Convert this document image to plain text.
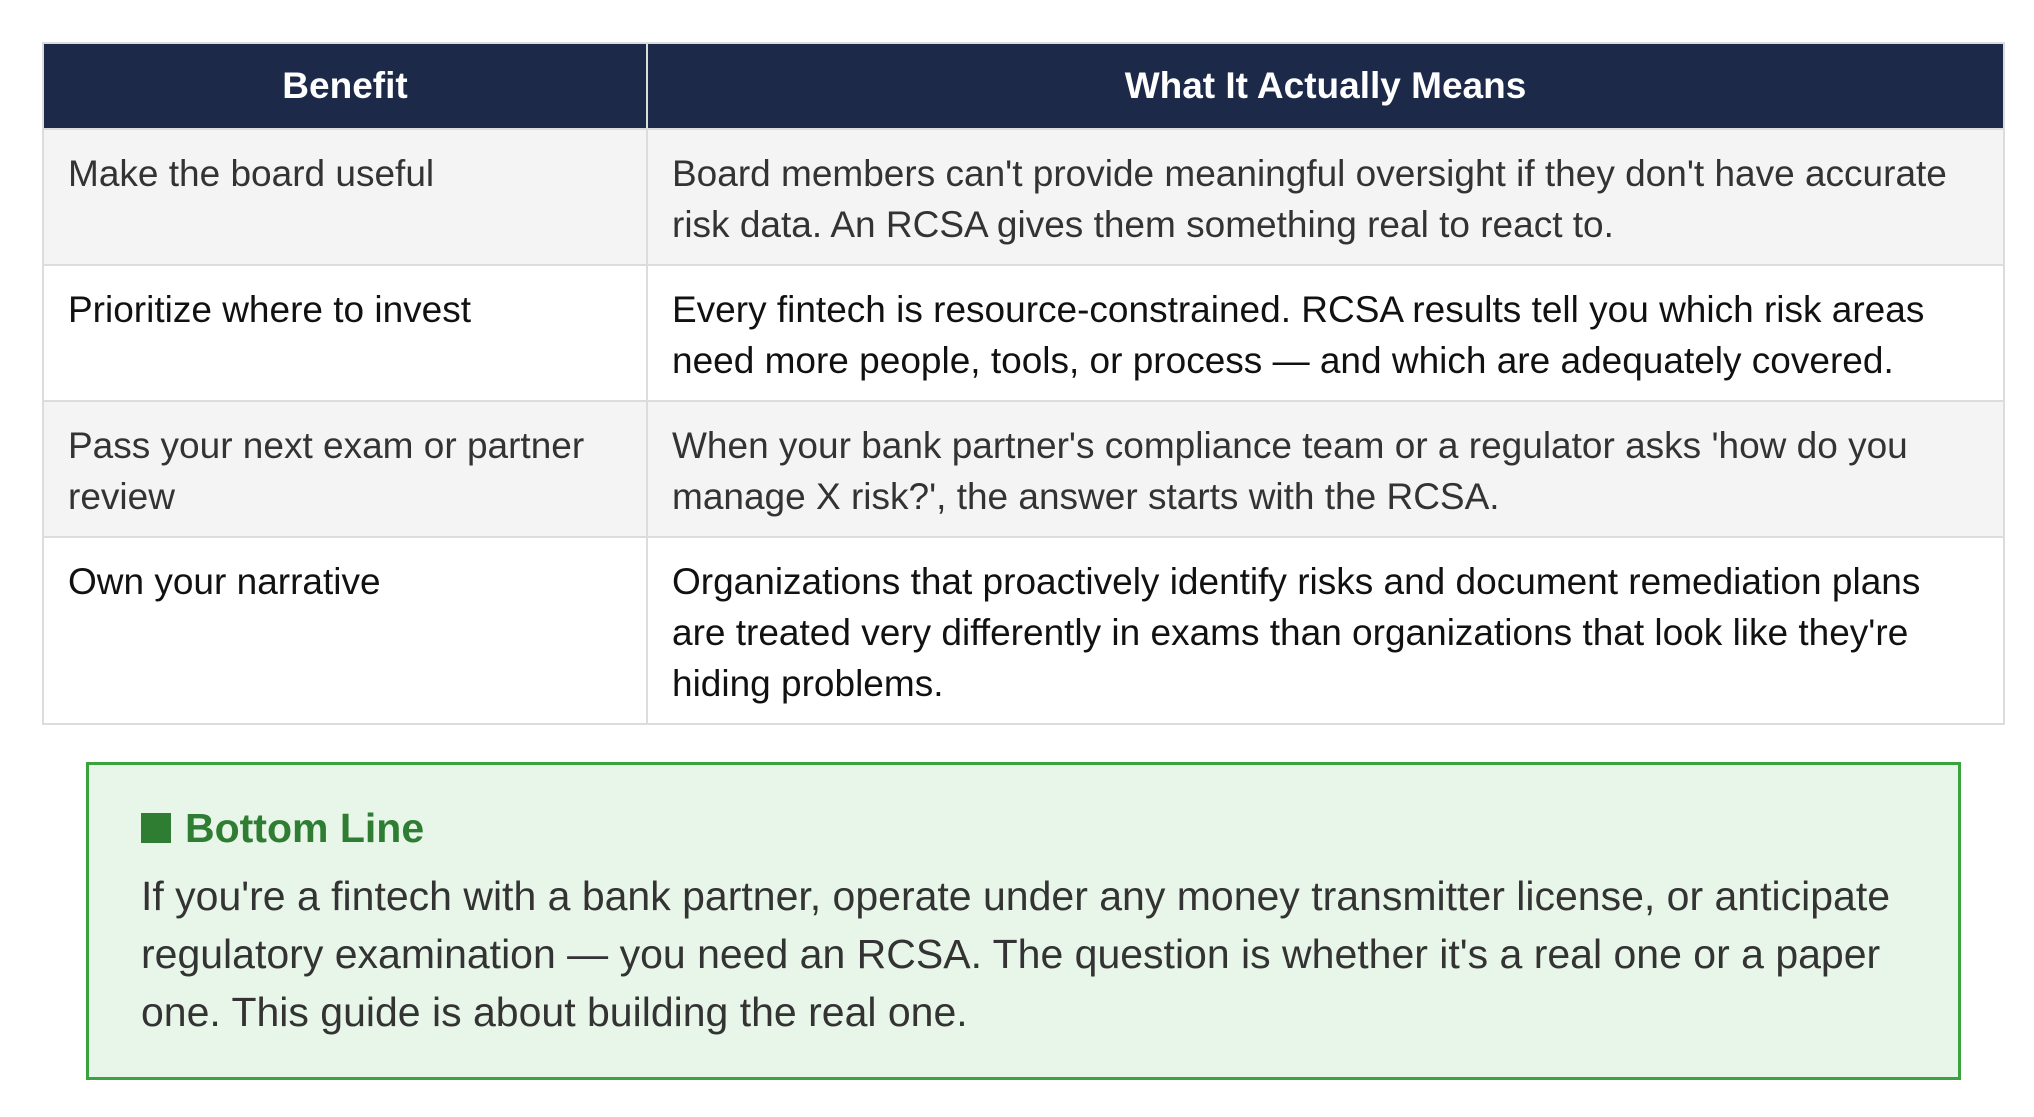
Benefit	What It Actually Means
Make the board useful	Board members can't provide meaningful oversight if they don't have accurate risk data. An RCSA gives them something real to react to.
Prioritize where to invest	Every fintech is resource-constrained. RCSA results tell you which risk areas need more people, tools, or process — and which are adequately covered.
Pass your next exam or partner review	When your bank partner's compliance team or a regulator asks 'how do you manage X risk?', the answer starts with the RCSA.
Own your narrative	Organizations that proactively identify risks and document remediation plans are treated very differently in exams than organizations that look like they're hiding problems.
Bottom Line

If you're a fintech with a bank partner, operate under any money transmitter license, or anticipate regulatory examination — you need an RCSA. The question is whether it's a real one or a paper one. This guide is about building the real one.
